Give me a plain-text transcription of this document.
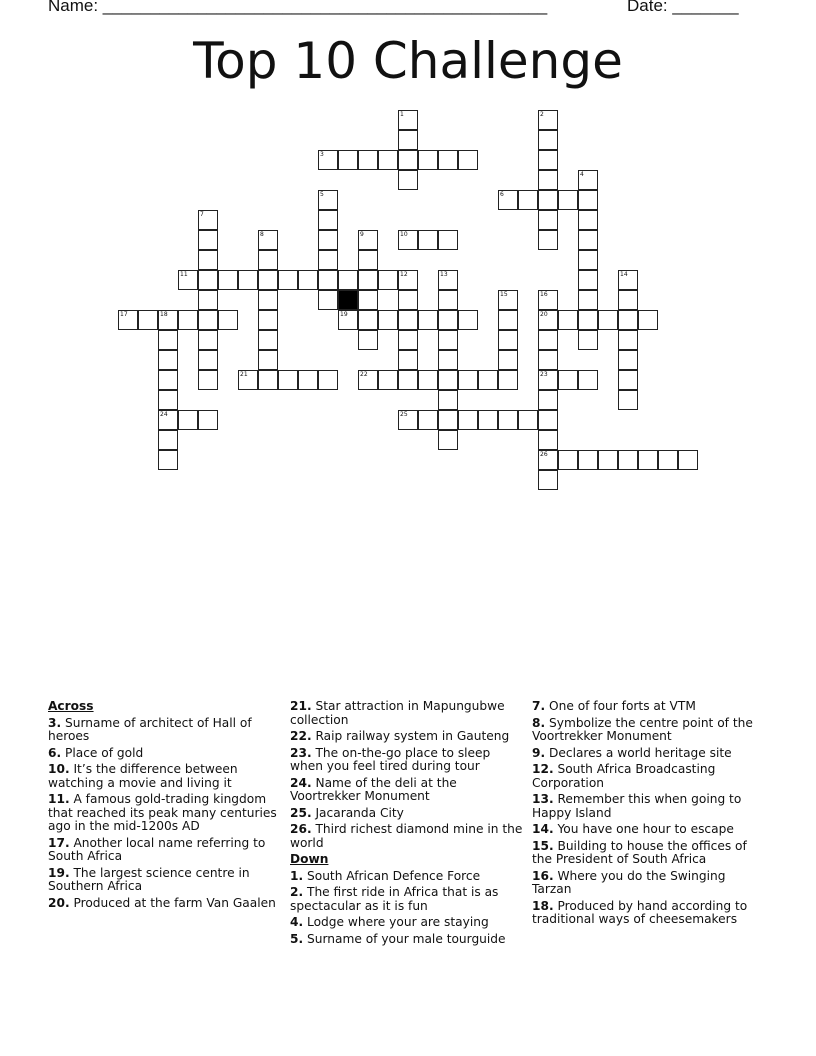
Name: _______________________________________________	Date: _______
Top 10 Challenge
3
6
10
11	12
17	18	19	20
21	22	23
24	25
26
1	2
4
5
7
8	9
13	14
15	16
Across
3. Surname of architect of Hall of heroes
6. Place of gold
10. It’s the difference between watching a movie and living it
11. A famous gold-trading kingdom that reached its peak many centuries ago in the mid-1200s AD
17. Another local name referring to South Africa
19. The largest science centre in Southern Africa
20. Produced at the farm Van Gaalen
21. Star attraction in Mapungubwe collection
22. Raip railway system in Gauteng
23. The on-the-go place to sleep when you feel tired during tour
24. Name of the deli at the Voortrekker Monument
25. Jacaranda City
26. Third richest diamond mine in the world
Down
1. South African Defence Force
2. The first ride in Africa that is as spectacular as it is fun
4. Lodge where your are staying
5. Surname of your male tourguide
7. One of four forts at VTM
8. Symbolize the centre point of the Voortrekker Monument
9. Declares a world heritage site
12. South Africa Broadcasting Corporation
13. Remember this when going to Happy Island
14. You have one hour to escape
15. Building to house the offices of the President of South Africa
16. Where you do the Swinging Tarzan
18. Produced by hand according to traditional ways of cheesemakers
